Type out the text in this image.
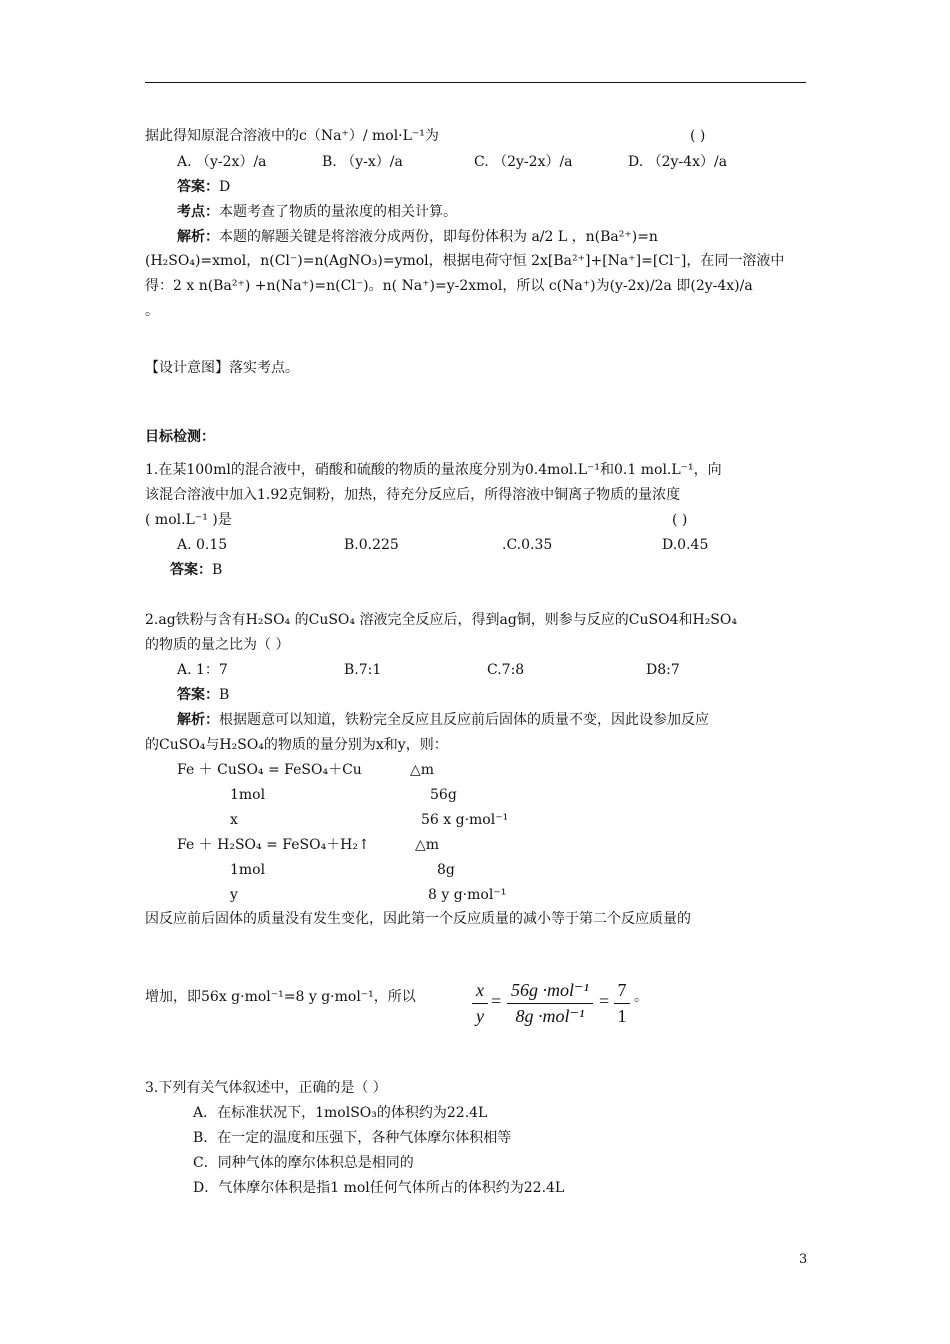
据此得知原混合溶液中的c（Na⁺）/ mol·L⁻¹为	( )
A. （y-2x）/a	B. （y-x）/a	C. （2y-2x）/a	D. （2y-4x）/a
答案：D
考点：本题考查了物质的量浓度的相关计算。
解析：本题的解题关键是将溶液分成两份，即每份体积为 a/2 L ，n(Ba²⁺)=n
(H₂SO₄)=xmol，n(Cl⁻)=n(AgNO₃)=ymol，根据电荷守恒 2x[Ba²⁺]+[Na⁺]=[Cl⁻]，在同一溶液中
得：2 x n(Ba²⁺) +n(Na⁺)=n(Cl⁻)。n( Na⁺)=y-2xmol，所以 c(Na⁺)为(y-2x)/2a 即(2y-4x)/a
。
【设计意图】落实考点。
目标检测：
1.在某100ml的混合液中，硝酸和硫酸的物质的量浓度分别为0.4mol.L⁻¹和0.1 mol.L⁻¹，向
该混合溶液中加入1.92克铜粉，加热，待充分反应后，所得溶液中铜离子物质的量浓度
( mol.L⁻¹ )是	( )
A. 0.15	B.0.225	.C.0.35	D.0.45
答案：B
2.ag铁粉与含有H₂SO₄ 的CuSO₄ 溶液完全反应后，得到ag铜，则参与反应的CuSO4和H₂SO₄
的物质的量之比为（ ）
A. 1：7	B.7:1	C.7:8	D8:7
答案：B
解析：根据题意可以知道，铁粉完全反应且反应前后固体的质量不变，因此设参加反应
的CuSO₄与H₂SO₄的物质的量分别为x和y，则：
Fe ＋ CuSO₄ = FeSO₄＋Cu	△m
1mol	56g
x	56 x g·mol⁻¹
Fe ＋ H₂SO₄ = FeSO₄＋H₂↑	△m
1mol	8g
y	8 y g·mol⁻¹
因反应前后固体的质量没有发生变化，因此第一个反应质量的减小等于第二个反应质量的
增加，即56x g·mol⁻¹=8 y g·mol⁻¹，所以	x
y
=
56g ·mol⁻¹
8g ·mol⁻¹
=
7
1
。
3.下列有关气体叙述中，正确的是（ ）
A．在标准状况下，1molSO₃的体积约为22.4L
B．在一定的温度和压强下，各种气体摩尔体积相等
C．同种气体的摩尔体积总是相同的
D．气体摩尔体积是指1 mol任何气体所占的体积约为22.4L
3
